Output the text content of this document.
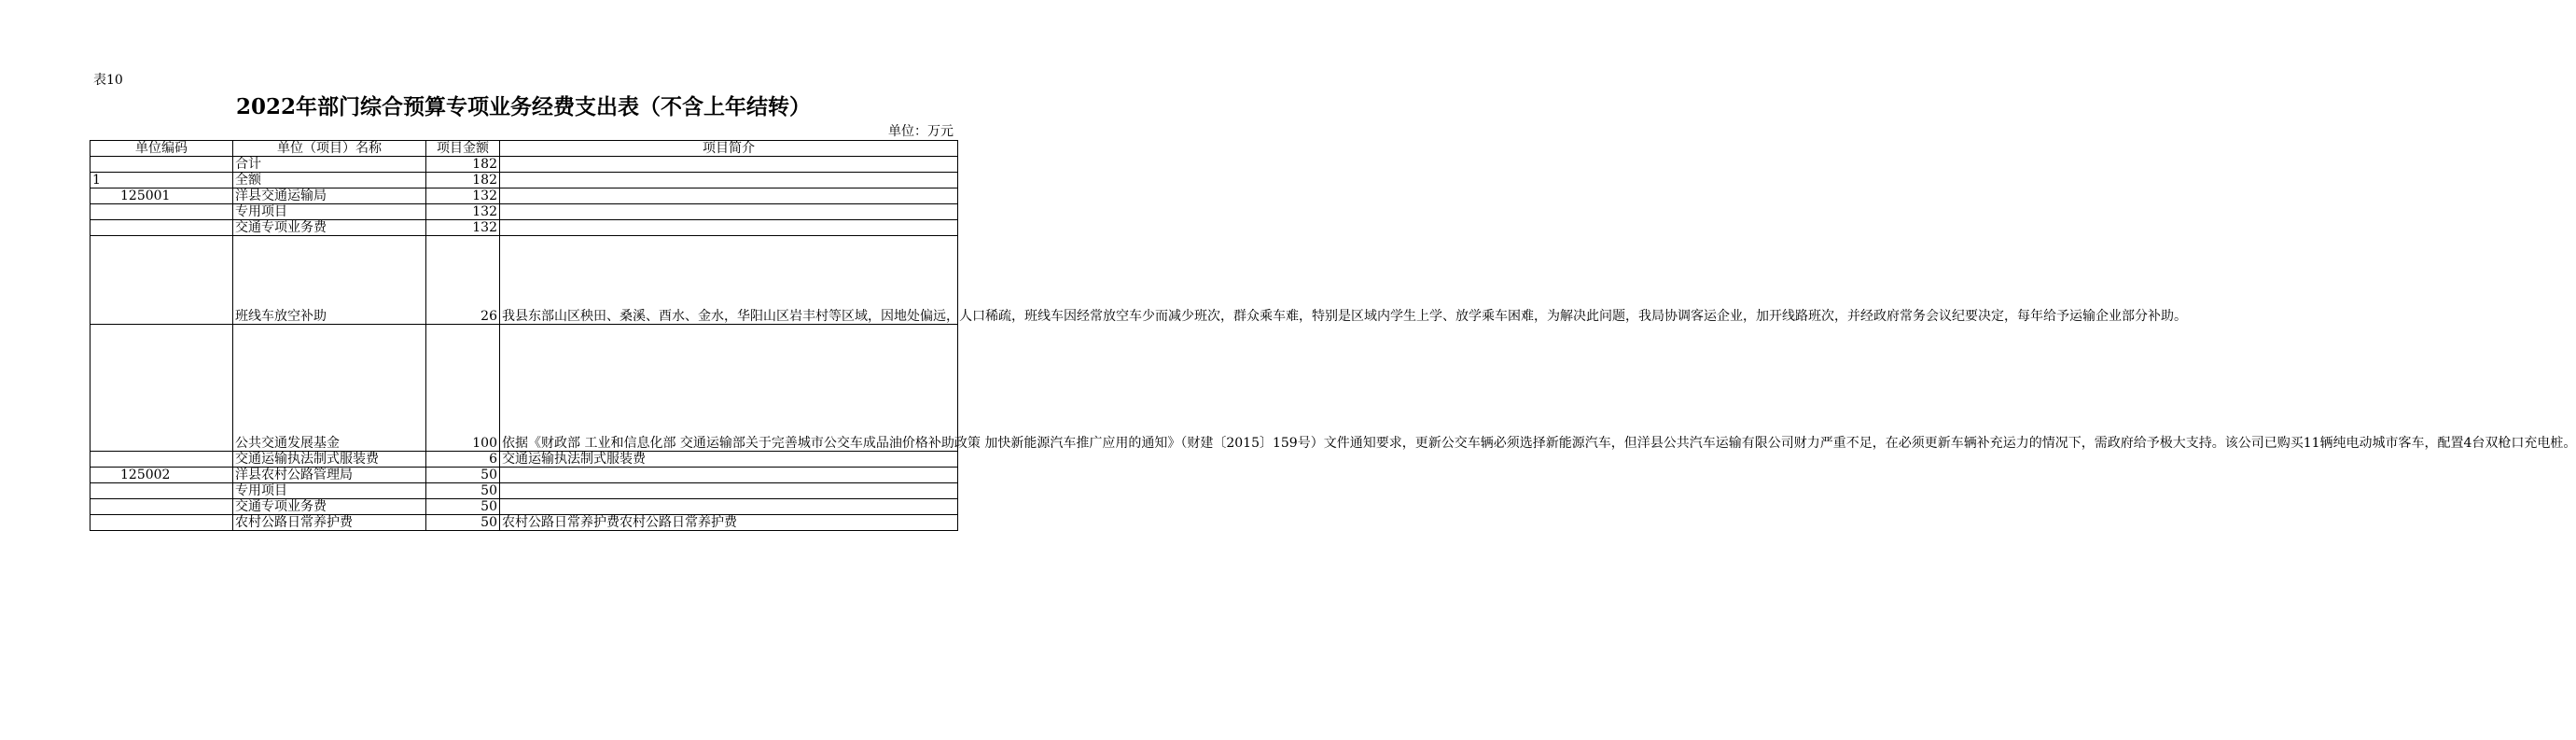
表10
2022年部门综合预算专项业务经费支出表（不含上年结转）
单位：万元
单位编码	单位（项目）名称	项目金额	项目简介
	合计	182	
1	全额	182	
125001	洋县交通运输局	132	
	专用项目	132	
	交通专项业务费	132	
	班线车放空补助	26	我县东部山区秧田、桑溪、酉水、金水，华阳山区岩丰村等区域，因地处偏远，人口稀疏，班线车因经常放空车少而减少班次，群众乘车难，特别是区域内学生上学、放学乘车困难，为解决此问题，我局协调客运企业，加开线路班次，并经政府常务会议纪要决定，每年给予运输企业部分补助。
	公共交通发展基金	100	依据《财政部 工业和信息化部 交通运输部关于完善城市公交车成品油价格补助政策 加快新能源汽车推广应用的通知》（财建〔2015〕159号）文件通知要求，更新公交车辆必须选择新能源汽车，但洋县公共汽车运输有限公司财力严重不足，在必须更新车辆补充运力的情况下，需政府给予极大支持。该公司已购买11辆纯电动城市客车，配置4台双枪口充电桩。
	交通运输执法制式服装费	6	交通运输执法制式服装费
125002	洋县农村公路管理局	50	
	专用项目	50	
	交通专项业务费	50	
	农村公路日常养护费	50	农村公路日常养护费农村公路日常养护费
